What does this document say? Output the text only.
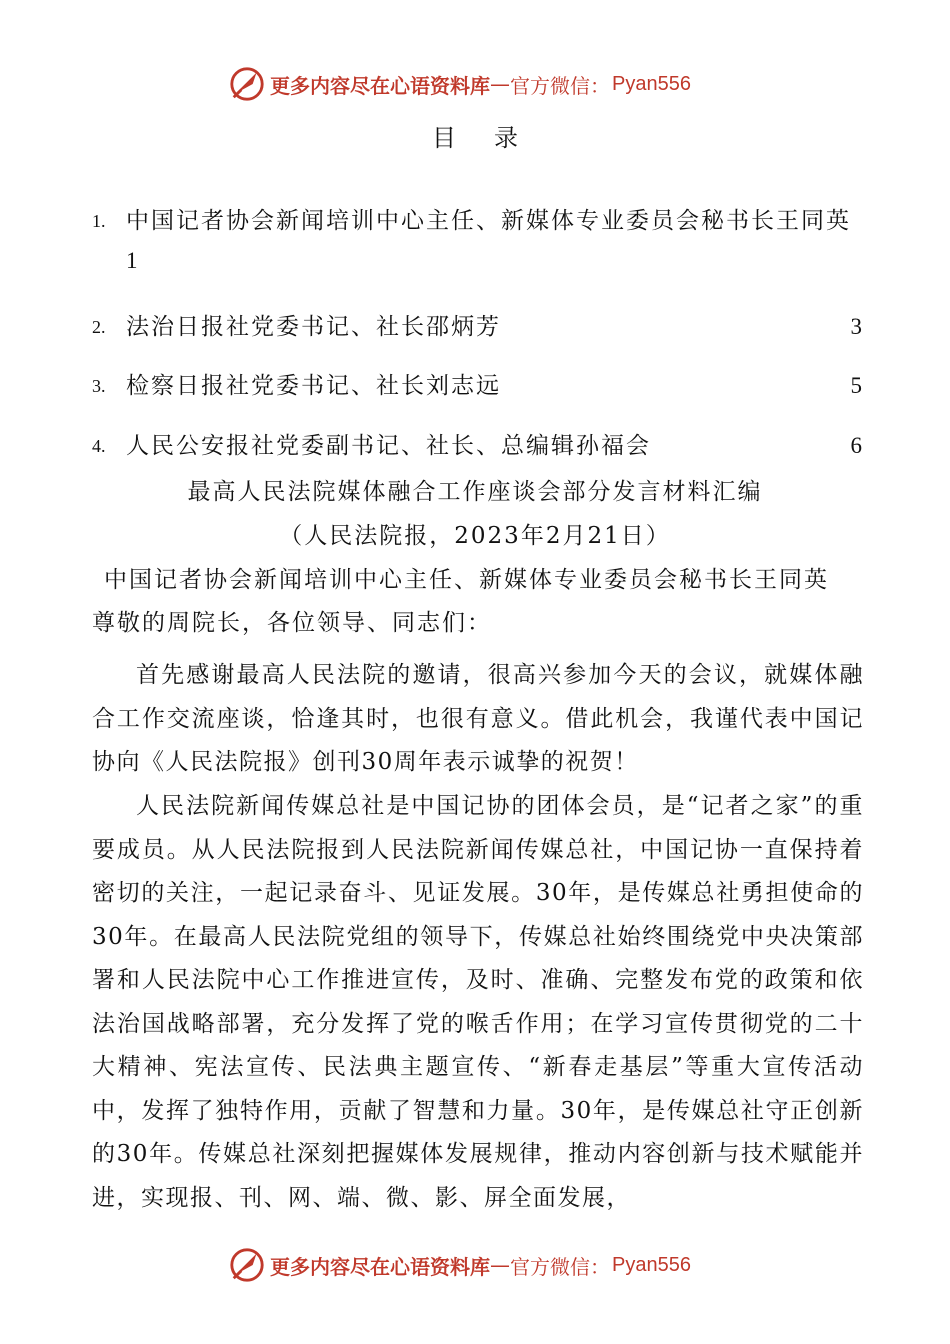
更多内容尽在心语资料库 — 官方微信： Pyan556
目录
1. 中国记者协会新闻培训中心主任、新媒体专业委员会秘书长王同英
1
2. 法治日报社党委书记、社长邵炳芳	3
3. 检察日报社党委书记、社长刘志远	5
4. 人民公安报社党委副书记、社长、总编辑孙福会	6
最高人民法院媒体融合工作座谈会部分发言材料汇编
（人民法院报，2023年2月21日）
中国记者协会新闻培训中心主任、新媒体专业委员会秘书长王同英
尊敬的周院长，各位领导、同志们：
首先感谢最高人民法院的邀请，很高兴参加今天的会议，就媒体融合工作交流座谈，恰逢其时，也很有意义。借此机会，我谨代表中国记协向《人民法院报》创刊30周年表示诚挚的祝贺！
人民法院新闻传媒总社是中国记协的团体会员，是“记者之家”的重要成员。从人民法院报到人民法院新闻传媒总社，中国记协一直保持着密切的关注，一起记录奋斗、见证发展。30年，是传媒总社勇担使命的30年。在最高人民法院党组的领导下，传媒总社始终围绕党中央决策部署和人民法院中心工作推进宣传，及时、准确、完整发布党的政策和依法治国战略部署，充分发挥了党的喉舌作用；在学习宣传贯彻党的二十大精神、宪法宣传、民法典主题宣传、“新春走基层”等重大宣传活动中，发挥了独特作用，贡献了智慧和力量。30年，是传媒总社守正创新的30年。传媒总社深刻把握媒体发展规律，推动内容创新与技术赋能并进，实现报、刊、网、端、微、影、屏全面发展，
更多内容尽在心语资料库 — 官方微信： Pyan556
